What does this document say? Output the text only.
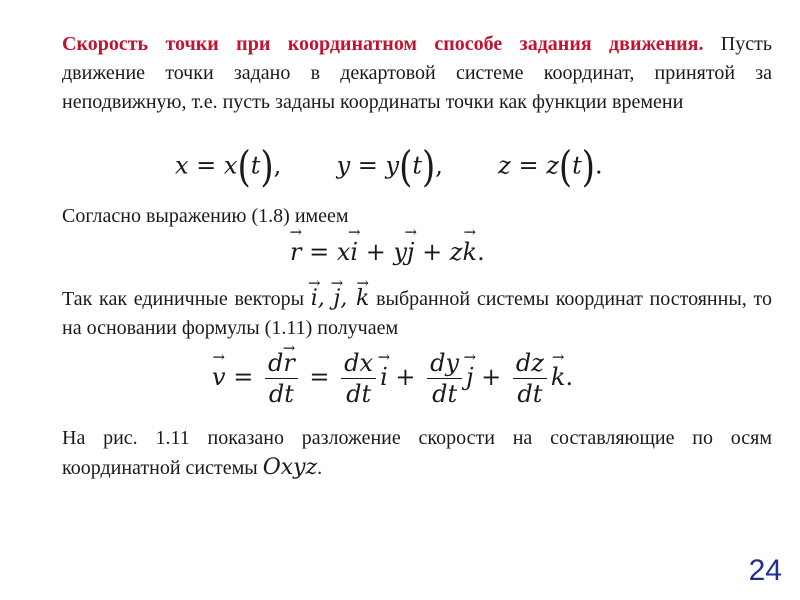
Скорость точки при координатном способе задания движения. Пусть движение точки задано в декартовой системе координат, принятой за неподвижную, т.е. пусть заданы координаты точки как функции времени
x = x(t),  y = y(t),  z = z(t).
Согласно выражению (1.8) имеем
r → = xi → + yj → + zk →.
Так как единичные векторы i →, j →, k → выбранной системы координат постоянны, то на основании формулы (1.11) получаем
v → = $\frac{dr \to}{dt} = \frac{dx}{dt}$ i → + $\frac{dy}{dt}$ j → + $\frac{dz}{dt}$ k →.
На рис. 1.11 показано разложение скорости на составляющие по осям координатной системы Oxyz.
24
